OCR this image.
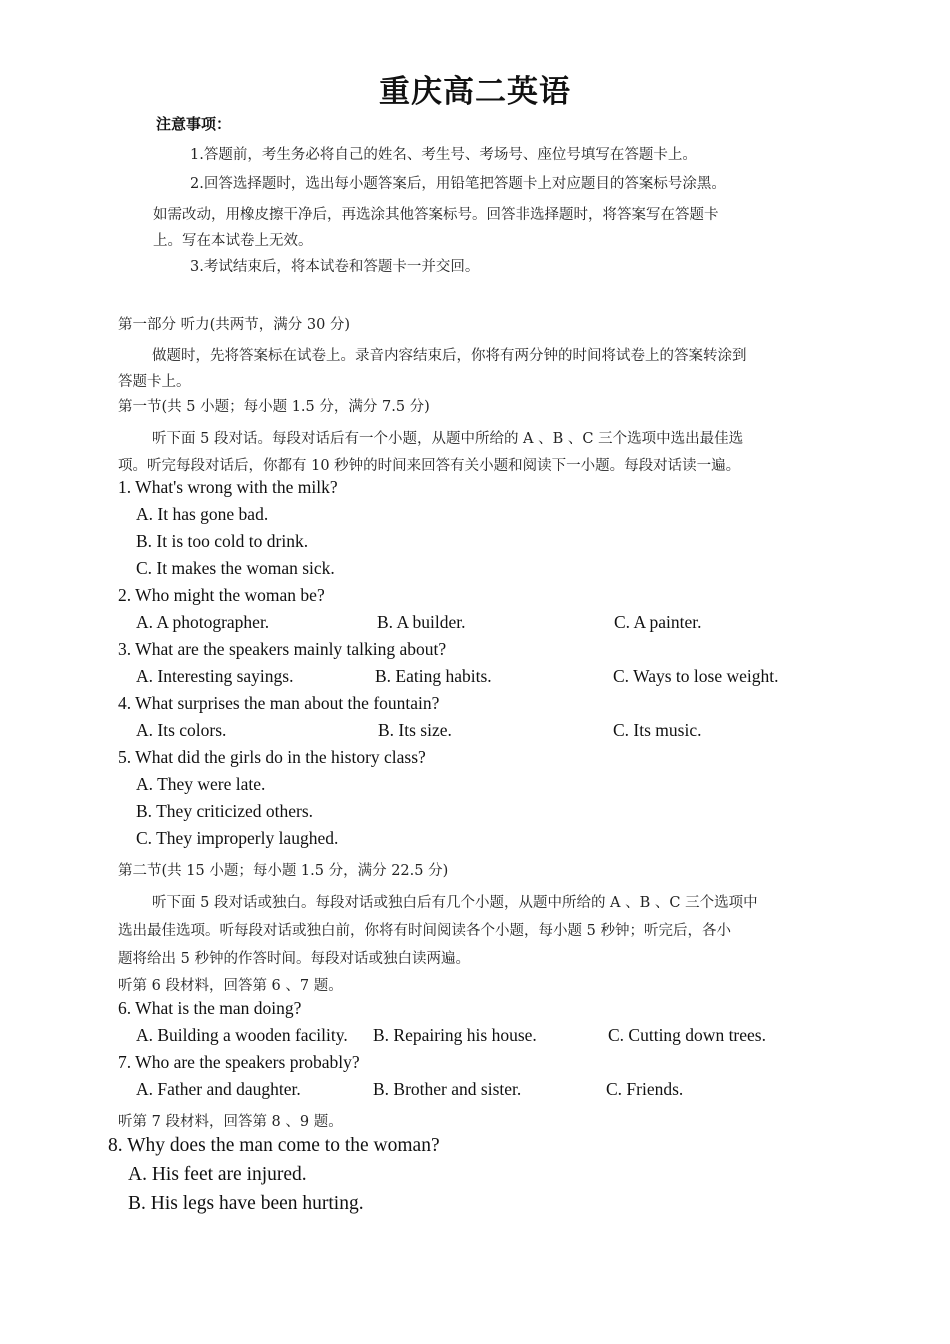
重庆高二英语
注意事项：
1.答题前，考生务必将自己的姓名、考生号、考场号、座位号填写在答题卡上。
2.回答选择题时，选出每小题答案后，用铅笔把答题卡上对应题目的答案标号涂黑。
如需改动，用橡皮擦干净后，再选涂其他答案标号。回答非选择题时，将答案写在答题卡
上。写在本试卷上无效。
3.考试结束后，将本试卷和答题卡一并交回。
第一部分 听力(共两节，满分 30 分)
做题时，先将答案标在试卷上。录音内容结束后，你将有两分钟的时间将试卷上的答案转涂到
答题卡上。
第一节(共 5 小题；每小题 1.5 分，满分 7.5 分)
听下面 5 段对话。每段对话后有一个小题，从题中所给的 A 、B 、C 三个选项中选出最佳选
项。听完每段对话后，你都有 10 秒钟的时间来回答有关小题和阅读下一小题。每段对话读一遍。
1. What's wrong with the milk?
A. It has gone bad.
B. It is too cold to drink.
C. It makes the woman sick.
2. Who might the woman be?
A. A photographer.	B. A builder.	C. A painter.
3. What are the speakers mainly talking about?
A. Interesting sayings.	B. Eating habits.	C. Ways to lose weight.
4. What surprises the man about the fountain?
A. Its colors.	B. Its size.	C. Its music.
5. What did the girls do in the history class?
A. They were late.
B. They criticized others.
C. They improperly laughed.
第二节(共 15 小题；每小题 1.5 分，满分 22.5 分)
听下面 5 段对话或独白。每段对话或独白后有几个小题，从题中所给的 A 、B 、C 三个选项中
选出最佳选项。听每段对话或独白前，你将有时间阅读各个小题，每小题 5 秒钟；听完后，各小
题将给出 5 秒钟的作答时间。每段对话或独白读两遍。
听第 6 段材料，回答第 6 、7 题。
6. What is the man doing?
A. Building a wooden facility. B. Repairing his house.	C. Cutting down trees.
7. Who are the speakers probably?
A. Father and daughter.	B. Brother and sister.	C. Friends.
听第 7 段材料，回答第 8 、9 题。
8. Why does the man come to the woman?
A. His feet are injured.
B. His legs have been hurting.
